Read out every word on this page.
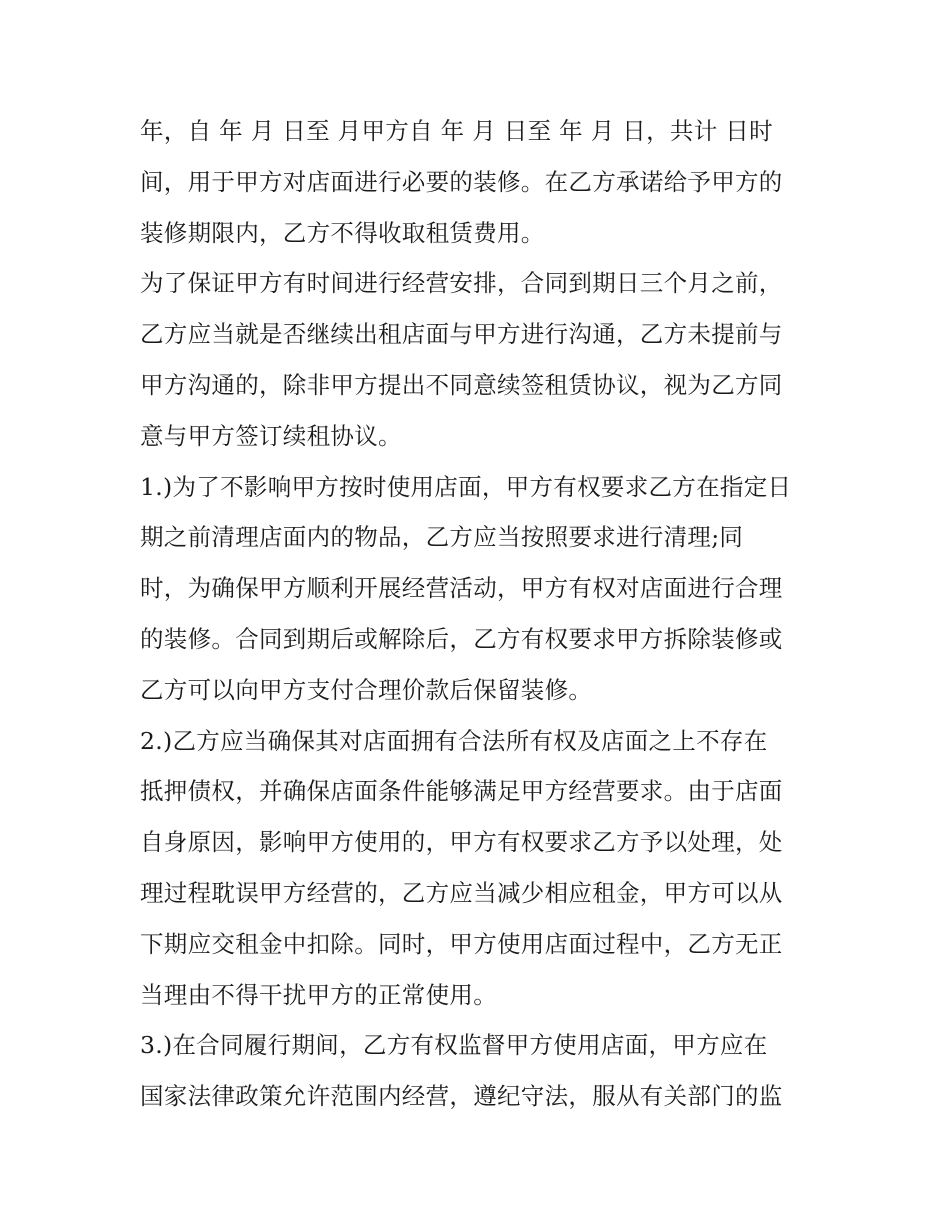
年，自 年 月 日至 月甲方自 年 月 日至 年 月 日，共计 日时
间，用于甲方对店面进行必要的装修。在乙方承诺给予甲方的
装修期限内，乙方不得收取租赁费用。
为了保证甲方有时间进行经营安排，合同到期日三个月之前，
乙方应当就是否继续出租店面与甲方进行沟通，乙方未提前与
甲方沟通的，除非甲方提出不同意续签租赁协议，视为乙方同
意与甲方签订续租协议。
1.)为了不影响甲方按时使用店面，甲方有权要求乙方在指定日
期之前清理店面内的物品，乙方应当按照要求进行清理;同
时，为确保甲方顺利开展经营活动，甲方有权对店面进行合理
的装修。合同到期后或解除后，乙方有权要求甲方拆除装修或
乙方可以向甲方支付合理价款后保留装修。
2.)乙方应当确保其对店面拥有合法所有权及店面之上不存在
抵押债权，并确保店面条件能够满足甲方经营要求。由于店面
自身原因，影响甲方使用的，甲方有权要求乙方予以处理，处
理过程耽误甲方经营的，乙方应当减少相应租金，甲方可以从
下期应交租金中扣除。同时，甲方使用店面过程中，乙方无正
当理由不得干扰甲方的正常使用。
3.)在合同履行期间，乙方有权监督甲方使用店面，甲方应在
国家法律政策允许范围内经营，遵纪守法，服从有关部门的监
